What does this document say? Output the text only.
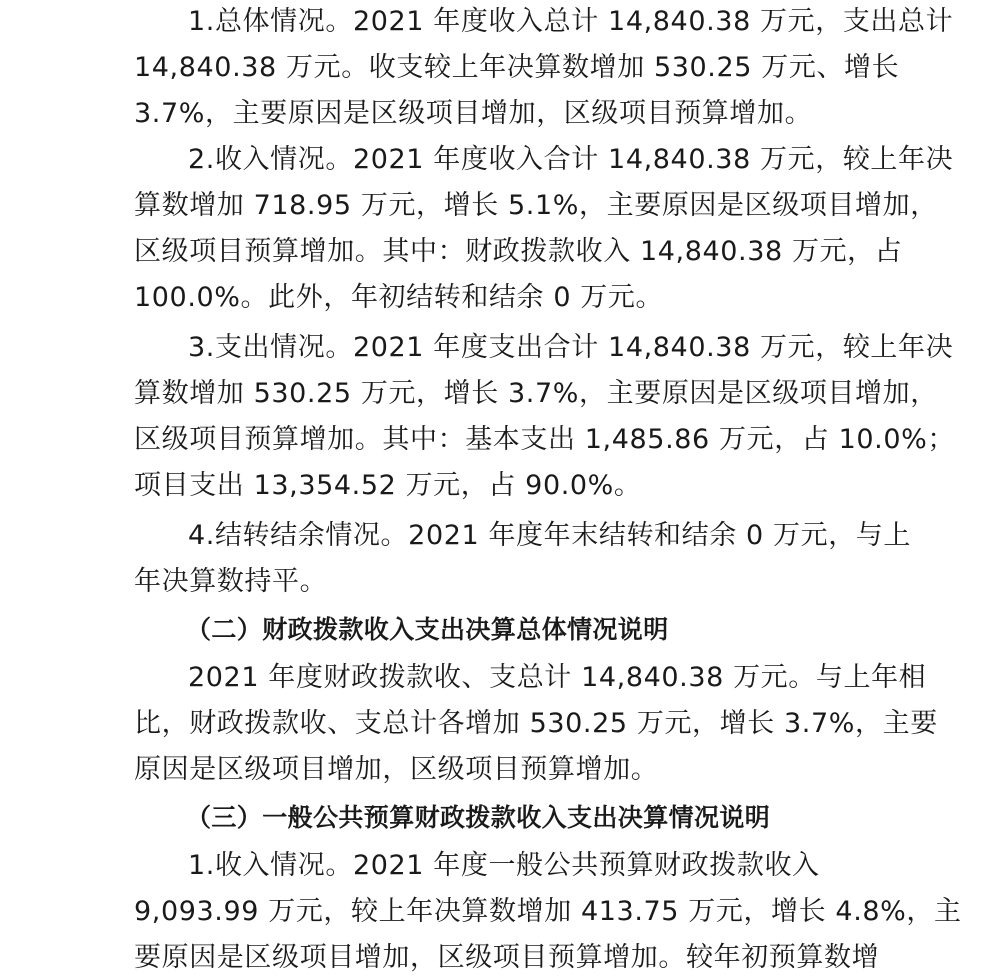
1.总体情况。2021 年度收入总计 14,840.38 万元，支出总计
14,840.38 万元。收支较上年决算数增加 530.25 万元、增长
3.7%，主要原因是区级项目增加，区级项目预算增加。
2.收入情况。2021 年度收入合计 14,840.38 万元，较上年决
算数增加 718.95 万元，增长 5.1%，主要原因是区级项目增加，
区级项目预算增加。其中：财政拨款收入 14,840.38 万元，占
100.0%。此外，年初结转和结余 0 万元。
3.支出情况。2021 年度支出合计 14,840.38 万元，较上年决
算数增加 530.25 万元，增长 3.7%，主要原因是区级项目增加，
区级项目预算增加。其中：基本支出 1,485.86 万元，占 10.0%；
项目支出 13,354.52 万元，占 90.0%。
4.结转结余情况。2021 年度年末结转和结余 0 万元，与上
年决算数持平。
（二）财政拨款收入支出决算总体情况说明
2021 年度财政拨款收、支总计 14,840.38 万元。与上年相
比，财政拨款收、支总计各增加 530.25 万元，增长 3.7%，主要
原因是区级项目增加，区级项目预算增加。
（三）一般公共预算财政拨款收入支出决算情况说明
1.收入情况。2021 年度一般公共预算财政拨款收入
9,093.99 万元，较上年决算数增加 413.75 万元，增长 4.8%，主
要原因是区级项目增加，区级项目预算增加。较年初预算数增
